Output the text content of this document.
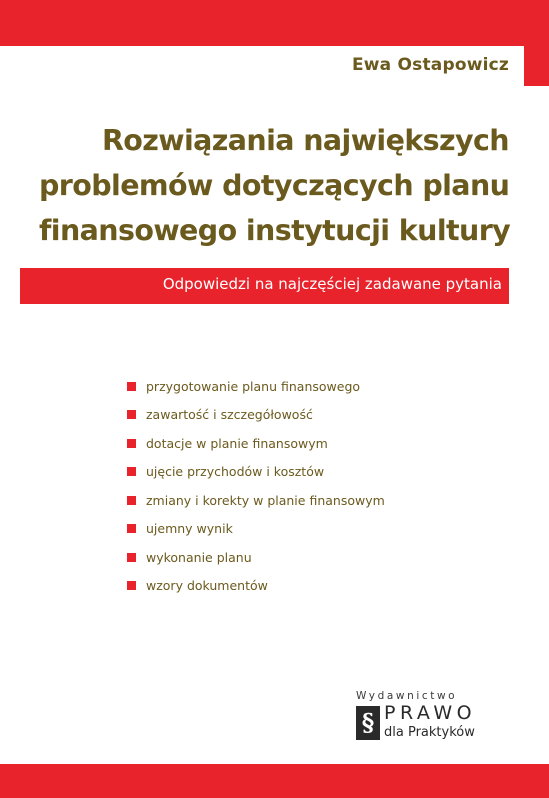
Ewa Ostapowicz
Rozwiązania największych
problemów dotyczących planu
finansowego instytucji kultury
Odpowiedzi na najczęściej zadawane pytania
przygotowanie planu finansowego
zawartość i szczegółowość
dotacje w planie finansowym
ujęcie przychodów i kosztów
zmiany i korekty w planie finansowym
ujemny wynik
wykonanie planu
wzory dokumentów
Wydawnictwo
§ PRAWO
dla Praktyków
